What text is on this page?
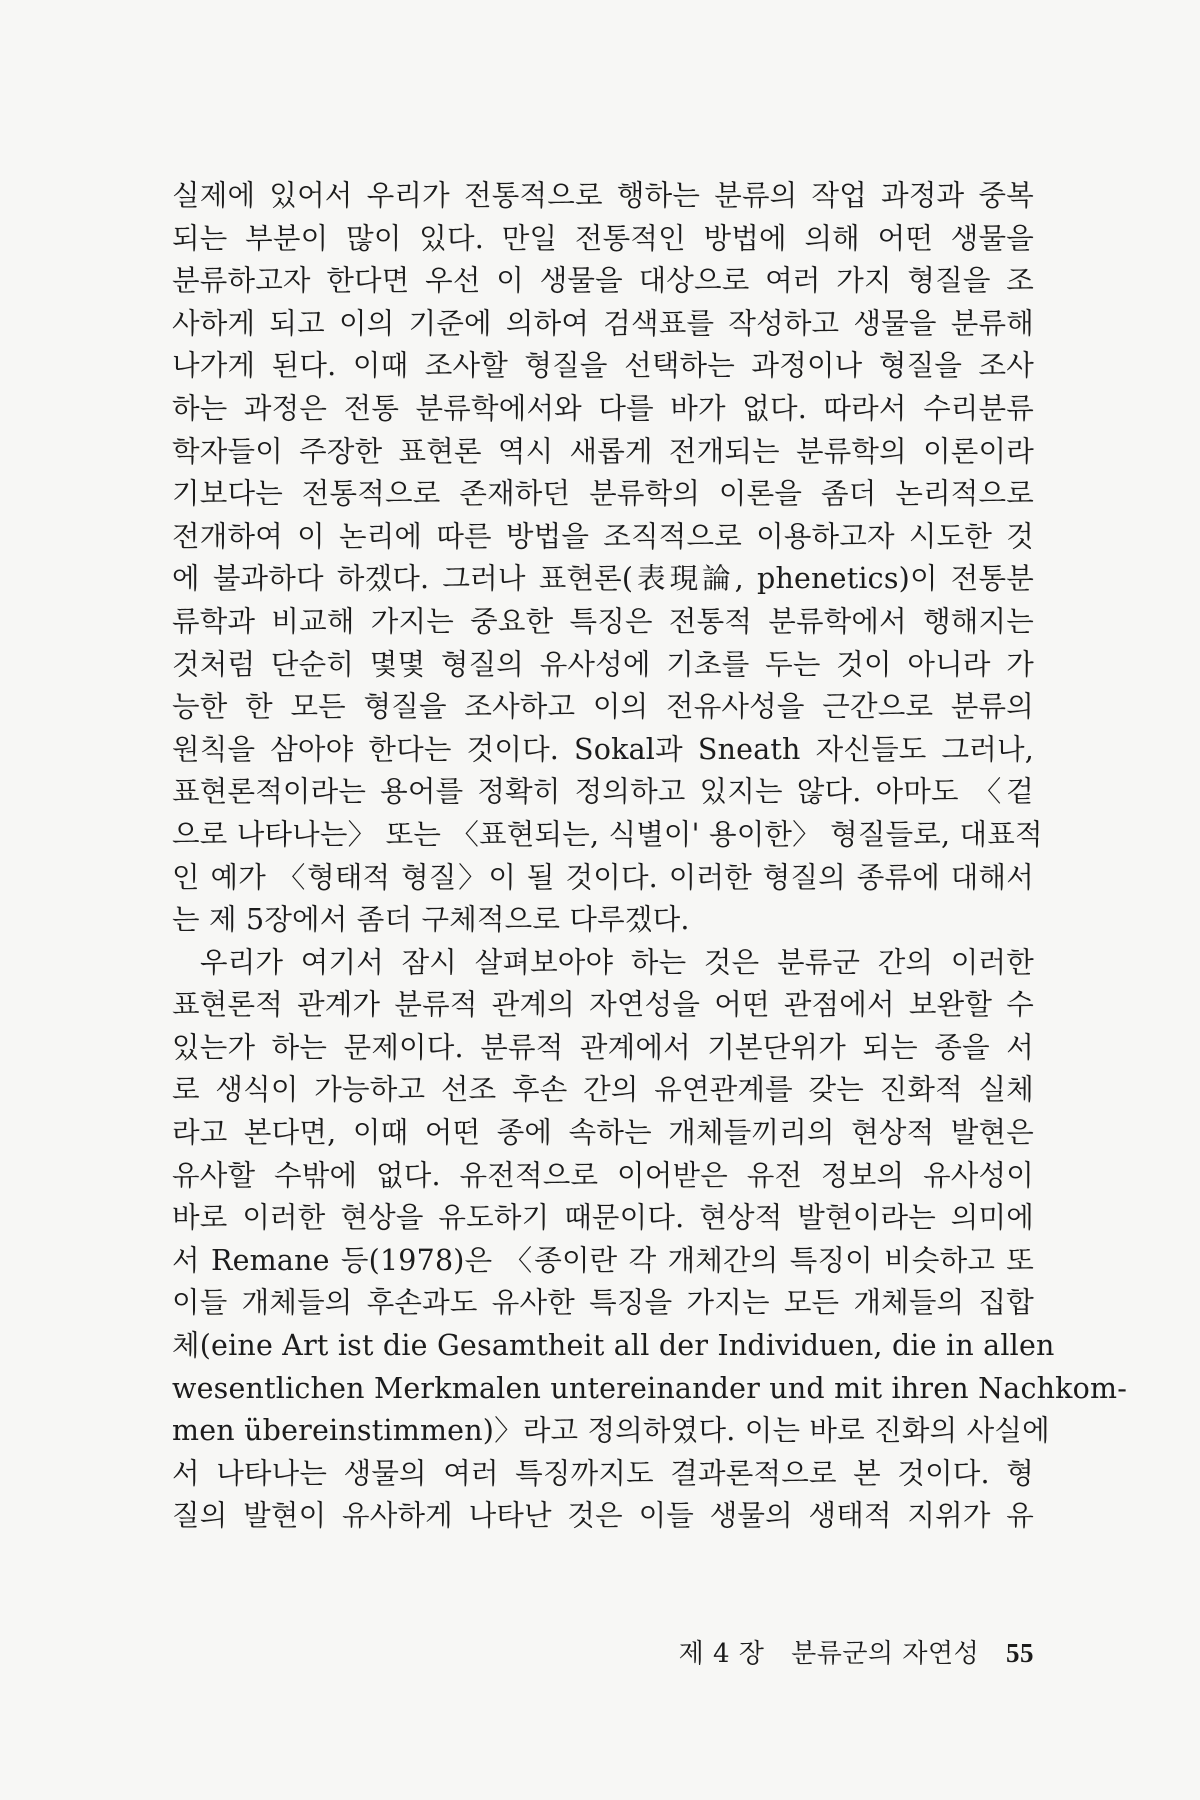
실제에 있어서 우리가 전통적으로 행하는 분류의 작업 과정과 중복
되는 부분이 많이 있다. 만일 전통적인 방법에 의해 어떤 생물을
분류하고자 한다면 우선 이 생물을 대상으로 여러 가지 형질을 조
사하게 되고 이의 기준에 의하여 검색표를 작성하고 생물을 분류해
나가게 된다. 이때 조사할 형질을 선택하는 과정이나 형질을 조사
하는 과정은 전통 분류학에서와 다를 바가 없다. 따라서 수리분류
학자들이 주장한 표현론 역시 새롭게 전개되는 분류학의 이론이라
기보다는 전통적으로 존재하던 분류학의 이론을 좀더 논리적으로
전개하여 이 논리에 따른 방법을 조직적으로 이용하고자 시도한 것
에 불과하다 하겠다. 그러나 표현론(表現論, phenetics)이 전통분
류학과 비교해 가지는 중요한 특징은 전통적 분류학에서 행해지는
것처럼 단순히 몇몇 형질의 유사성에 기초를 두는 것이 아니라 가
능한 한 모든 형질을 조사하고 이의 전유사성을 근간으로 분류의
원칙을 삼아야 한다는 것이다. Sokal과 Sneath 자신들도 그러나,
표현론적이라는 용어를 정확히 정의하고 있지는 않다. 아마도 〈겉
으로 나타나는〉 또는 〈표현되는, 식별이' 용이한〉 형질들로, 대표적
인 예가 〈형태적 형질〉이 될 것이다. 이러한 형질의 종류에 대해서
는 제 5장에서 좀더 구체적으로 다루겠다.
우리가 여기서 잠시 살펴보아야 하는 것은 분류군 간의 이러한
표현론적 관계가 분류적 관계의 자연성을 어떤 관점에서 보완할 수
있는가 하는 문제이다. 분류적 관계에서 기본단위가 되는 종을 서
로 생식이 가능하고 선조 후손 간의 유연관계를 갖는 진화적 실체
라고 본다면, 이때 어떤 종에 속하는 개체들끼리의 현상적 발현은
유사할 수밖에 없다. 유전적으로 이어받은 유전 정보의 유사성이
바로 이러한 현상을 유도하기 때문이다. 현상적 발현이라는 의미에
서 Remane 등(1978)은 〈종이란 각 개체간의 특징이 비슷하고 또
이들 개체들의 후손과도 유사한 특징을 가지는 모든 개체들의 집합
체(eine Art ist die Gesamtheit all der Individuen, die in allen
wesentlichen Merkmalen untereinander und mit ihren Nachkom-
men übereinstimmen)〉라고 정의하였다. 이는 바로 진화의 사실에
서 나타나는 생물의 여러 특징까지도 결과론적으로 본 것이다. 형
질의 발현이 유사하게 나타난 것은 이들 생물의 생태적 지위가 유
제 4 장 분류군의 자연성 55
